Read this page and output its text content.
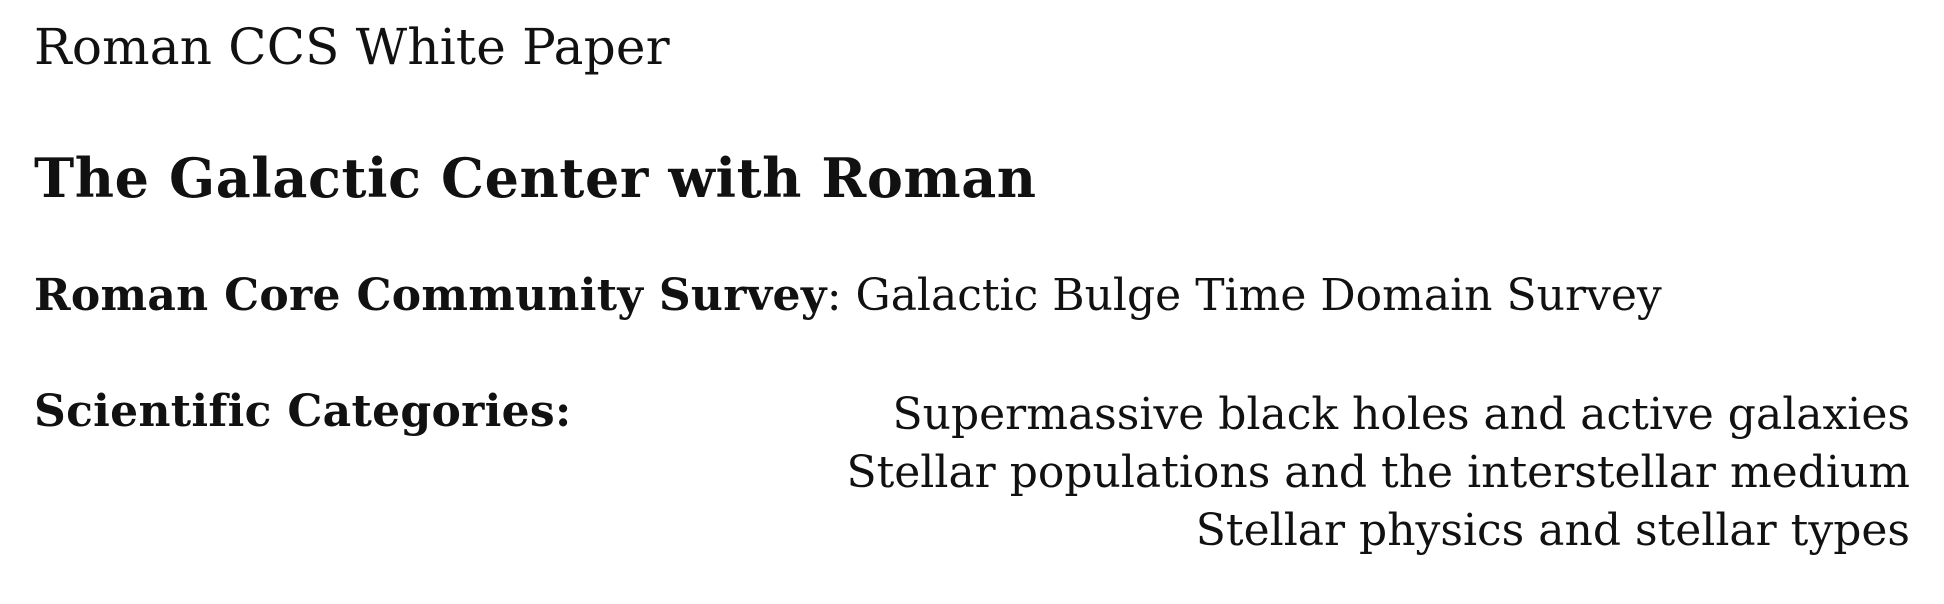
Roman CCS White Paper
The Galactic Center with Roman
Roman Core Community Survey: Galactic Bulge Time Domain Survey
Scientific Categories:	Supermassive black holes and active galaxies
Stellar populations and the interstellar medium
Stellar physics and stellar types
